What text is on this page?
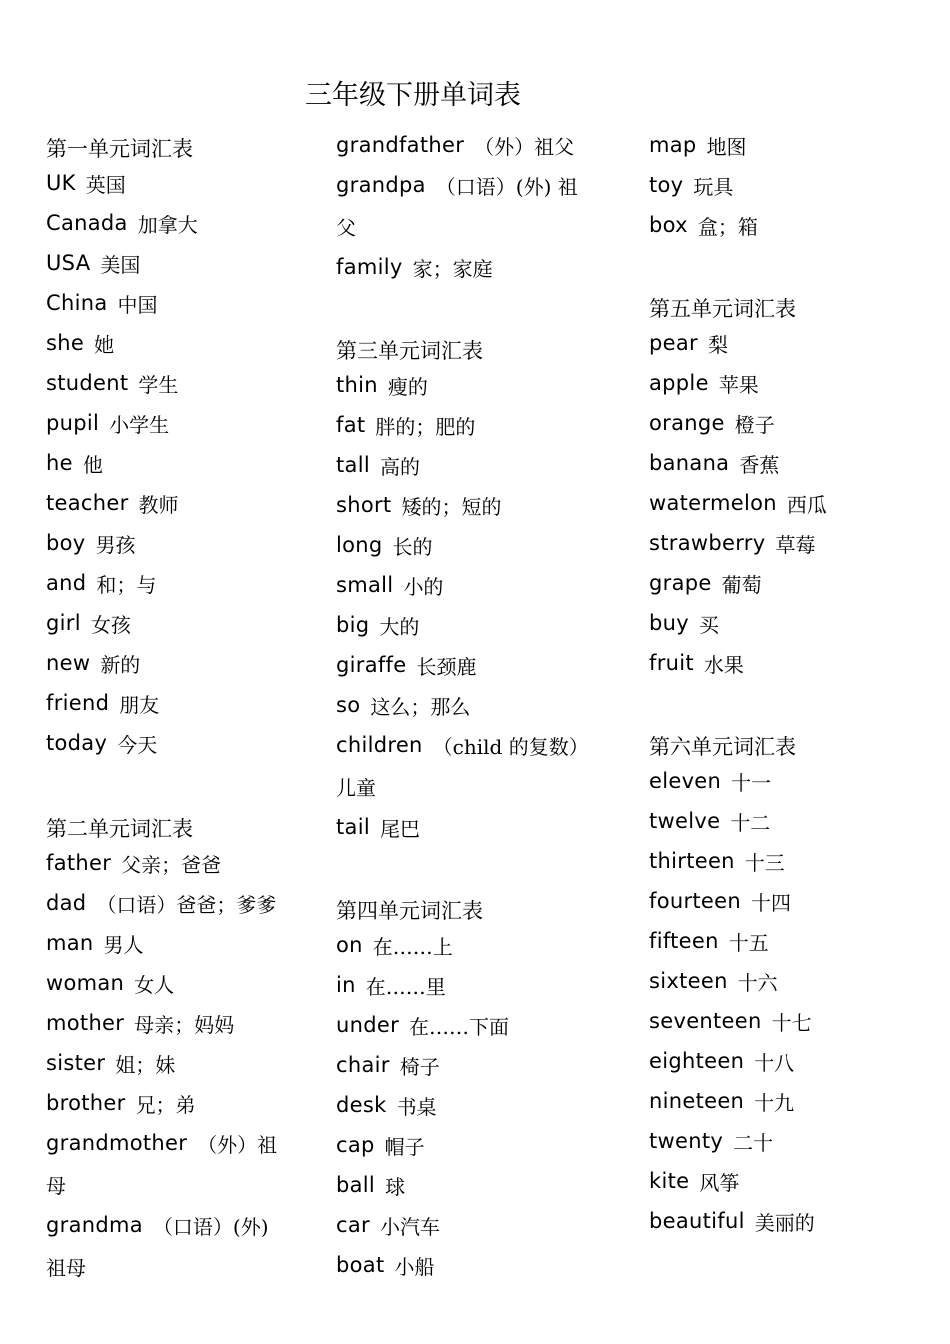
三年级下册单词表
第一单元词汇表
UK 英国
Canada 加拿大
USA 美国
China 中国
she 她
student 学生
pupil 小学生
he 他
teacher 教师
boy 男孩
and 和；与
girl 女孩
new 新的
friend 朋友
today 今天
第二单元词汇表
father 父亲；爸爸
dad （口语）爸爸；爹爹
man 男人
woman 女人
mother 母亲；妈妈
sister 姐；妹
brother 兄；弟
grandmother （外）祖
母
grandma （口语）(外)
祖母
grandfather （外）祖父
grandpa （口语）(外) 祖
父
family 家；家庭
第三单元词汇表
thin 瘦的
fat 胖的；肥的
tall 高的
short 矮的；短的
long 长的
small 小的
big 大的
giraffe 长颈鹿
so 这么；那么
children （child 的复数）
儿童
tail 尾巴
第四单元词汇表
on 在……上
in 在……里
under 在……下面
chair 椅子
desk 书桌
cap 帽子
ball 球
car 小汽车
boat 小船
map 地图
toy 玩具
box 盒；箱
第五单元词汇表
pear 梨
apple 苹果
orange 橙子
banana 香蕉
watermelon 西瓜
strawberry 草莓
grape 葡萄
buy 买
fruit 水果
第六单元词汇表
eleven 十一
twelve 十二
thirteen 十三
fourteen 十四
fifteen 十五
sixteen 十六
seventeen 十七
eighteen 十八
nineteen 十九
twenty 二十
kite 风筝
beautiful 美丽的
